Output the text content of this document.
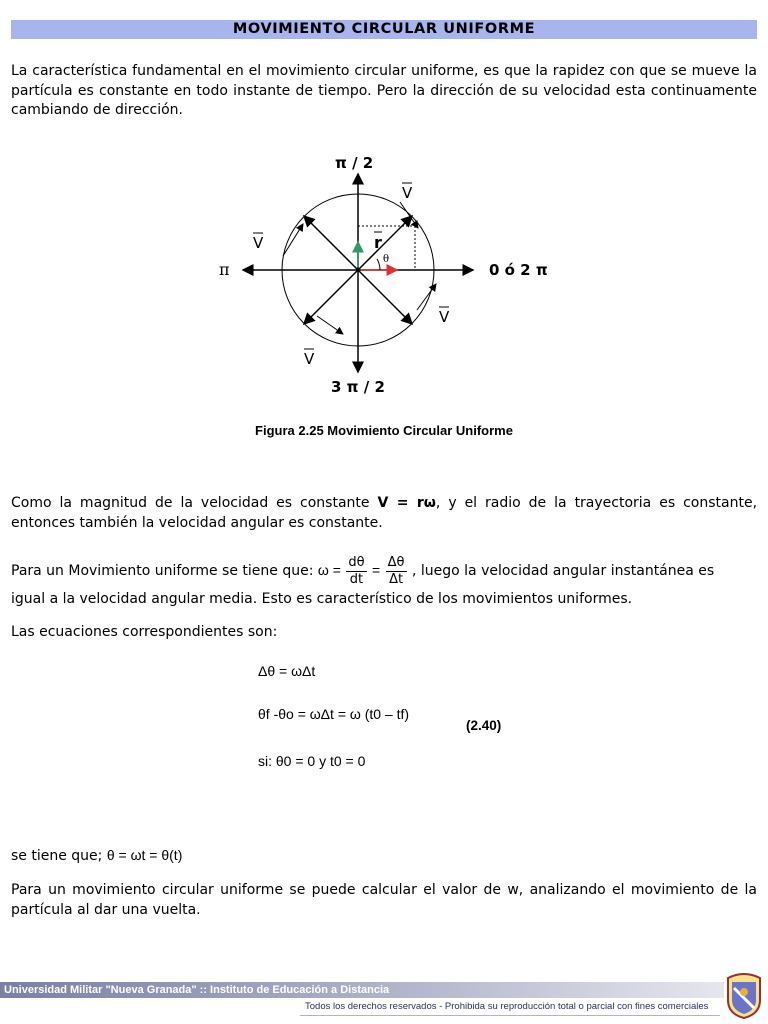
MOVIMIENTO CIRCULAR UNIFORME
La característica fundamental en el movimiento circular uniforme, es que la rapidez con que se mueve la partícula es constante en todo instante de tiempo. Pero la dirección de su velocidad esta continuamente cambiando de dirección.
π / 2
π	0 ó 2 π
3 π / 2
V
V
V
V
r
θ
Figura 2.25 Movimiento Circular Uniforme
Como la magnitud de la velocidad es constante V = rω, y el radio de la trayectoria es constante, entonces también la velocidad angular es constante.
Para un Movimiento uniforme se tiene que: $\omega = \frac{d\theta}{dt} = \frac{\Delta\theta}{\Delta t}$ , luego la velocidad angular instantánea es
igual a la velocidad angular media. Esto es característico de los movimientos uniformes.
Las ecuaciones correspondientes son:
Δθ = ωΔt
θf -θo = ωΔt = ω (t0 – tf)
(2.40)
si: θ0 = 0 y t0 = 0
se tiene que; θ = ωt = θ(t)
Para un movimiento circular uniforme se puede calcular el valor de w, analizando el movimiento de la partícula al dar una vuelta.
Universidad Militar "Nueva Granada" :: Instituto de Educación a Distancia
Todos los derechos reservados - Prohibida su reproducción total o parcial con fines comerciales
